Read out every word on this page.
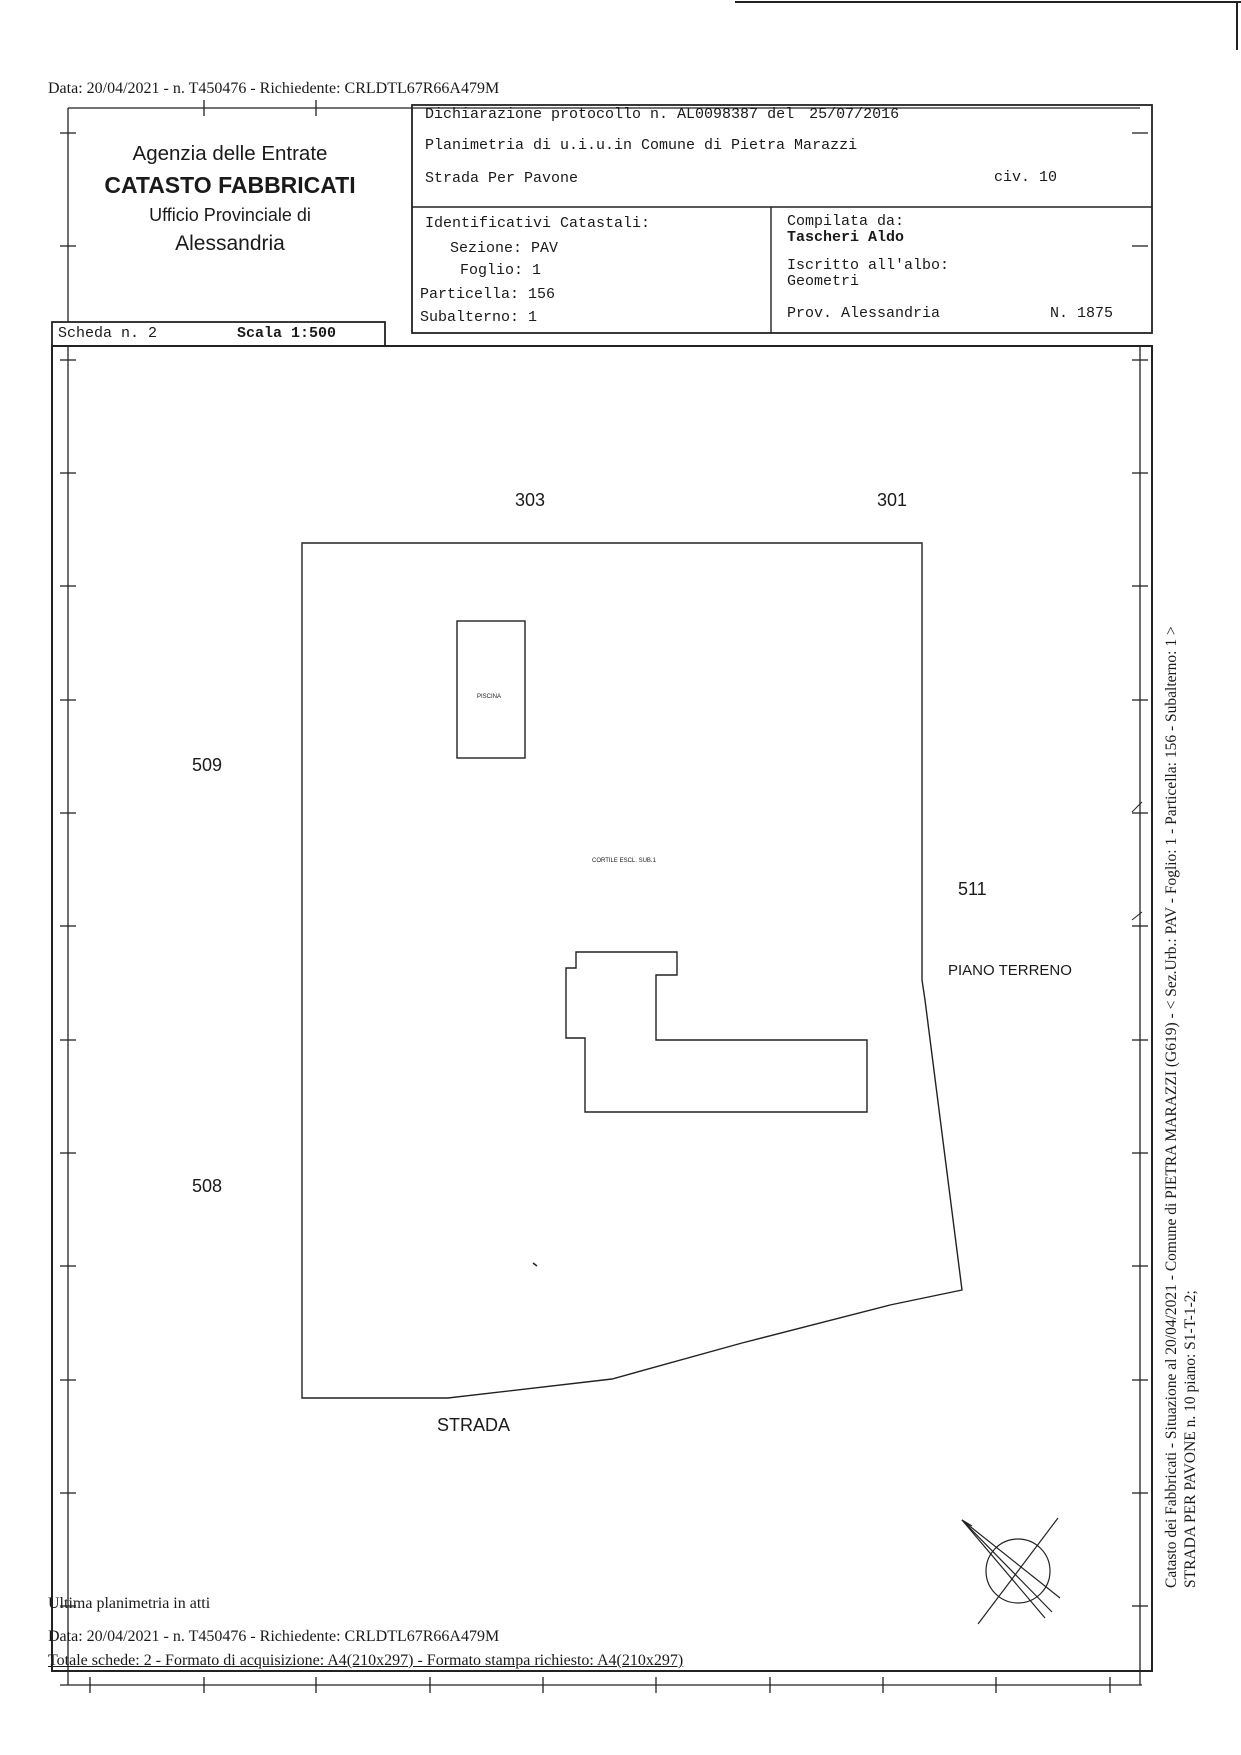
Data: 20/04/2021 - n. T450476 - Richiedente: CRLDTL67R66A479M
Agenzia delle Entrate
CATASTO FABBRICATI
Ufficio Provinciale di
Alessandria
Dichiarazione protocollo n. AL0098387 del 25/07/2016
Planimetria di u.i.u.in Comune di Pietra Marazzi
Strada Per Pavone	civ. 10
Identificativi Catastali:
Sezione: PAV
Foglio: 1
Particella: 156
Subalterno: 1
Compilata da:
Tascheri Aldo
Iscritto all'albo:
Geometri
Prov. Alessandria	N. 1875
Scheda n. 2	Scala 1:500
303	301
509
511
508
PIANO TERRENO
STRADA
PISCINA
CORTILE ESCL. SUB.1	Catasto dei Fabbricati - Situazione al 20/04/2021 - Comune di PIETRA MARAZZI (G619) - < Sez.Urb.: PAV - Foglio: 1 - Particella: 156 - Subalterno: 1 > STRADA PER PAVONE n. 10 piano: S1-T-1-2;
Ultima planimetria in atti
Data: 20/04/2021 - n. T450476 - Richiedente: CRLDTL67R66A479M
Totale schede: 2 - Formato di acquisizione: A4(210x297) - Formato stampa richiesto: A4(210x297)
